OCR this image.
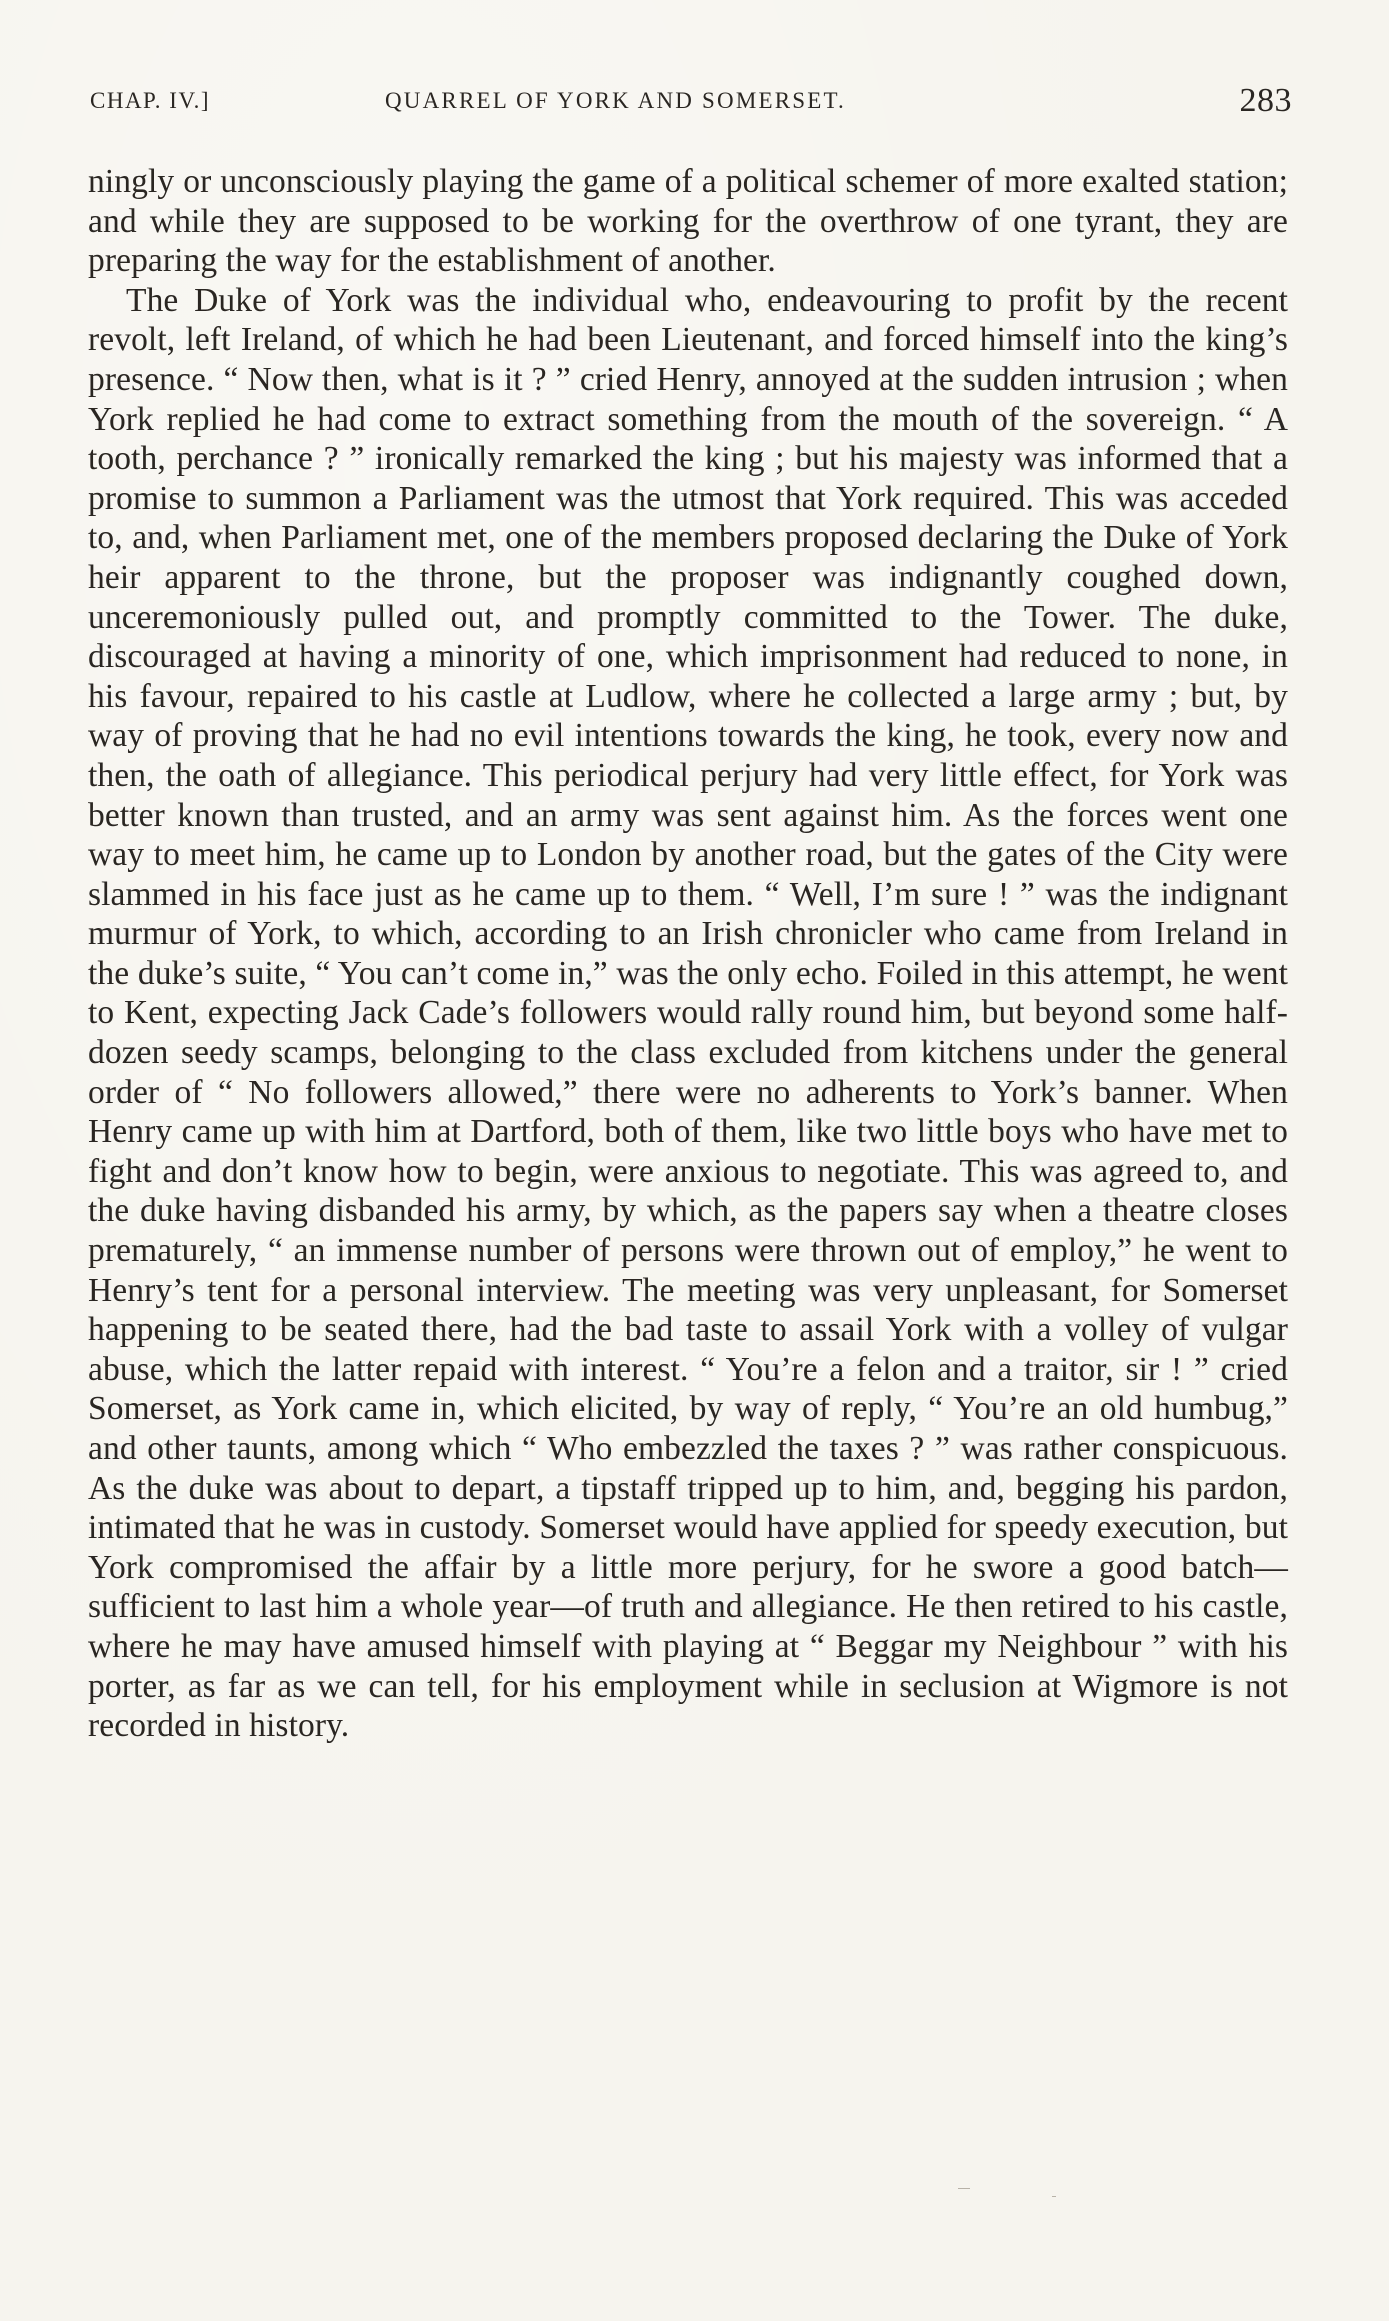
CHAP. IV.]	QUARREL OF YORK AND SOMERSET.	283

ningly or unconsciously playing the game of a political schemer of more exalted station; and while they are supposed to be working for the overthrow of one tyrant, they are preparing the way for the establishment of another.

The Duke of York was the individual who, endeavouring to profit by the recent revolt, left Ireland, of which he had been Lieutenant, and forced himself into the king’s presence. “ Now then, what is it ? ” cried Henry, annoyed at the sudden intrusion ; when York replied he had come to extract something from the mouth of the sovereign. “ A tooth, perchance ? ” ironically remarked the king ; but his majesty was informed that a promise to summon a Parliament was the utmost that York required. This was acceded to, and, when Parliament met, one of the members proposed declaring the Duke of York heir apparent to the throne, but the proposer was indignantly coughed down, unceremoniously pulled out, and promptly committed to the Tower. The duke, discouraged at having a minority of one, which imprisonment had reduced to none, in his favour, repaired to his castle at Ludlow, where he collected a large army ; but, by way of proving that he had no evil intentions towards the king, he took, every now and then, the oath of allegiance. This periodical perjury had very little effect, for York was better known than trusted, and an army was sent against him. As the forces went one way to meet him, he came up to London by another road, but the gates of the City were slammed in his face just as he came up to them. “ Well, I’m sure ! ” was the indignant murmur of York, to which, according to an Irish chronicler who came from Ireland in the duke’s suite, “ You can’t come in,” was the only echo. Foiled in this attempt, he went to Kent, expecting Jack Cade’s followers would rally round him, but beyond some half-dozen seedy scamps, belonging to the class excluded from kitchens under the general order of “ No followers allowed,” there were no adherents to York’s banner. When Henry came up with him at Dartford, both of them, like two little boys who have met to fight and don’t know how to begin, were anxious to negotiate. This was agreed to, and the duke having disbanded his army, by which, as the papers say when a theatre closes prematurely, “ an immense number of persons were thrown out of employ,” he went to Henry’s tent for a personal interview. The meeting was very unpleasant, for Somerset happening to be seated there, had the bad taste to assail York with a volley of vulgar abuse, which the latter repaid with interest. “ You’re a felon and a traitor, sir ! ” cried Somerset, as York came in, which elicited, by way of reply, “ You’re an old humbug,” and other taunts, among which “ Who embezzled the taxes ? ” was rather conspicuous. As the duke was about to depart, a tipstaff tripped up to him, and, begging his pardon, intimated that he was in custody. Somerset would have applied for speedy execution, but York compromised the affair by a little more perjury, for he swore a good batch—sufficient to last him a whole year—of truth and allegiance. He then retired to his castle, where he may have amused himself with playing at “ Beggar my Neighbour ” with his porter, as far as we can tell, for his employment while in seclusion at Wigmore is not recorded in history.
